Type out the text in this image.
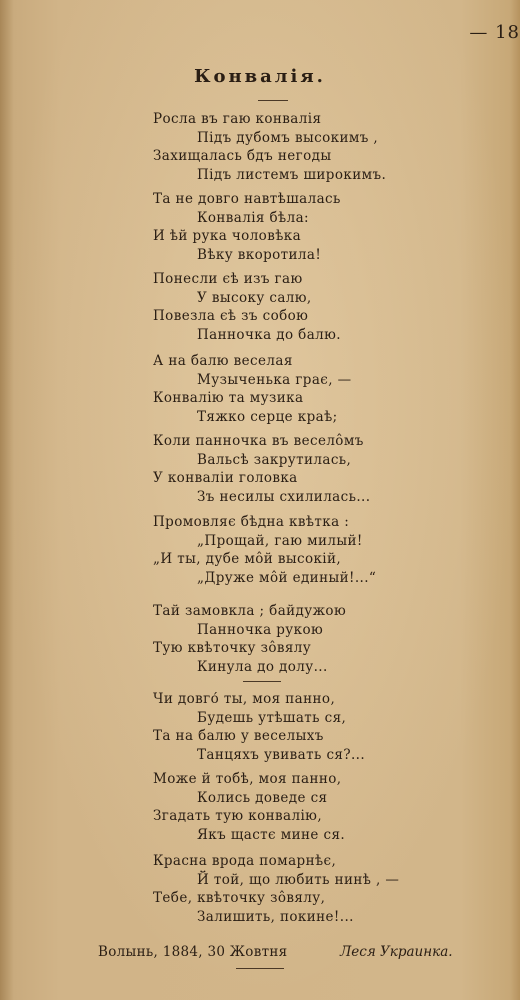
— 18
Конвалія.
Росла въ гаю конвалія
Підъ дубомъ высокимъ ,
Захищалась бдъ негоды
Підъ листемъ широкимъ.
Та не довго навтѣшалась
Конвалія бѣла:
И ѣй рука чоловѣка
Вѣку вкоротила!
Понесли єѣ изъ гаю
У высоку салю,
Повезла єѣ зъ собою
Панночка до балю.
А на балю веселая
Музыченька грає, —
Конвалію та музика
Тяжко серце краѣ;
Коли панночка въ веселôмъ
Вальсѣ закрутилась,
У конваліи головка
Зъ несилы схилилась...
Промовляє бѣдна квѣтка :
„Прощай, гаю милый!
„И ты, дубе мôй высокій,
„Друже мôй единый!...“
Тай замовкла ; байдужою
Панночка рукою
Тую квѣточку зôвялу
Кинула до долу...
Чи довго́ ты, моя панно,
Будешь утѣшать ся,
Та на балю у веселыхъ
Танцяхъ увивать ся?...
Може й тобѣ, моя панно,
Колись доведе ся
Згадать тую конвалію,
Якъ щастє мине ся.
Красна врода помарнѣє,
Й той, що любить нинѣ , —
Тебе, квѣточку зôвялу,
Залишить, покине!...
Волынь, 1884, 30 Жовтня	Леся Украинка.
